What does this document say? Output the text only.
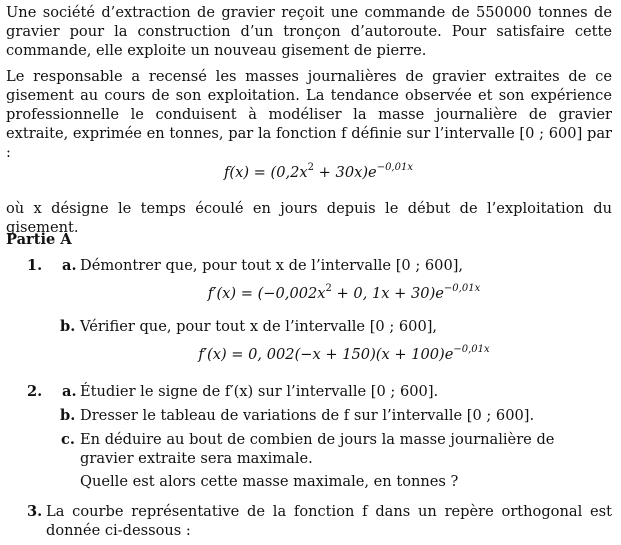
Une société d’extraction de gravier reçoit une commande de 550000 tonnes de gravier pour la construction d’un tronçon d’autoroute. Pour satisfaire cette commande, elle exploite un nouveau gisement de pierre.
Le responsable a recensé les masses journalières de gravier extraites de ce gisement au cours de son exploitation. La tendance observée et son expérience professionnelle le conduisent à modéliser la masse journalière de gravier extraite, exprimée en tonnes, par la fonction f définie sur l’intervalle [0 ; 600] par :
$f(x) = (0,2x^2 + 30x)e^{-0,01x}$
où x désigne le temps écoulé en jours depuis le début de l’exploitation du gisement.
Partie A
1. a. Démontrer que, pour tout x de l’intervalle [0 ; 600],
$f'(x) = (-0,002x^2 + 0$, $1x + 30)e^{-0,01x}$
b. Vérifier que, pour tout x de l’intervalle [0 ; 600],
f′(x) = 0, $002(-x + 150)(x + 100)e^{-0,01x}$
2. a. Étudier le signe de f′(x) sur l’intervalle [0 ; 600].
b. Dresser le tableau de variations de f sur l’intervalle [0 ; 600].
c. En déduire au bout de combien de jours la masse journalière de gravier extraite sera maximale.
Quelle est alors cette masse maximale, en tonnes ?
3. La courbe représentative de la fonction f dans un repère orthogonal est donnée ci-dessous :
